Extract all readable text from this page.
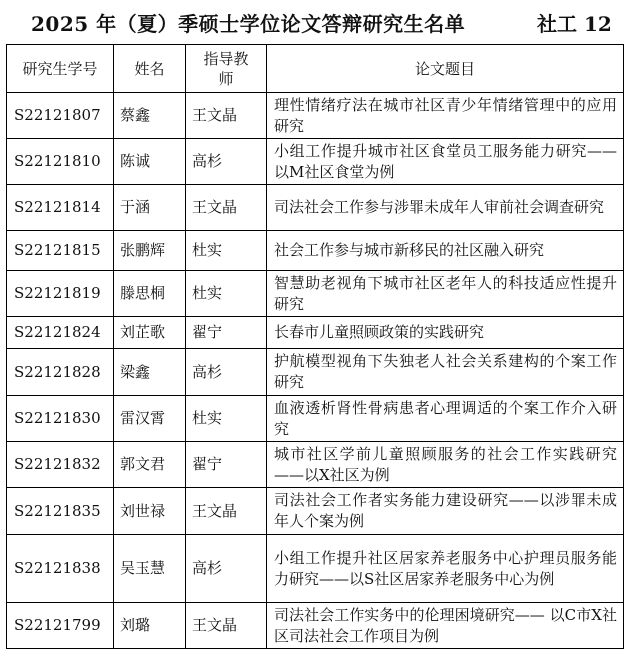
2025 年（夏）季硕士学位论文答辩研究生名单	社工 12
研究生学号	姓名	指导教师	论文题目
S22121807	蔡鑫	王文晶	理性情绪疗法在城市社区青少年情绪管理中的应用研究
S22121810	陈诚	高杉	小组工作提升城市社区食堂员工服务能力研究——以M社区食堂为例
S22121814	于涵	王文晶	司法社会工作参与涉罪未成年人审前社会调查研究
S22121815	张鹏辉	杜实	社会工作参与城市新移民的社区融入研究
S22121819	滕思桐	杜实	智慧助老视角下城市社区老年人的科技适应性提升研究
S22121824	刘芷歌	翟宁	长春市儿童照顾政策的实践研究
S22121828	梁鑫	高杉	护航模型视角下失独老人社会关系建构的个案工作研究
S22121830	雷汉霄	杜实	血液透析肾性骨病患者心理调适的个案工作介入研究
S22121832	郭文君	翟宁	城市社区学前儿童照顾服务的社会工作实践研究——以X社区为例
S22121835	刘世禄	王文晶	司法社会工作者实务能力建设研究——以涉罪未成年人个案为例
S22121838	吴玉慧	高杉	小组工作提升社区居家养老服务中心护理员服务能力研究——以S社区居家养老服务中心为例
S22121799	刘璐	王文晶	司法社会工作实务中的伦理困境研究—— 以C市X社区司法社会工作项目为例
